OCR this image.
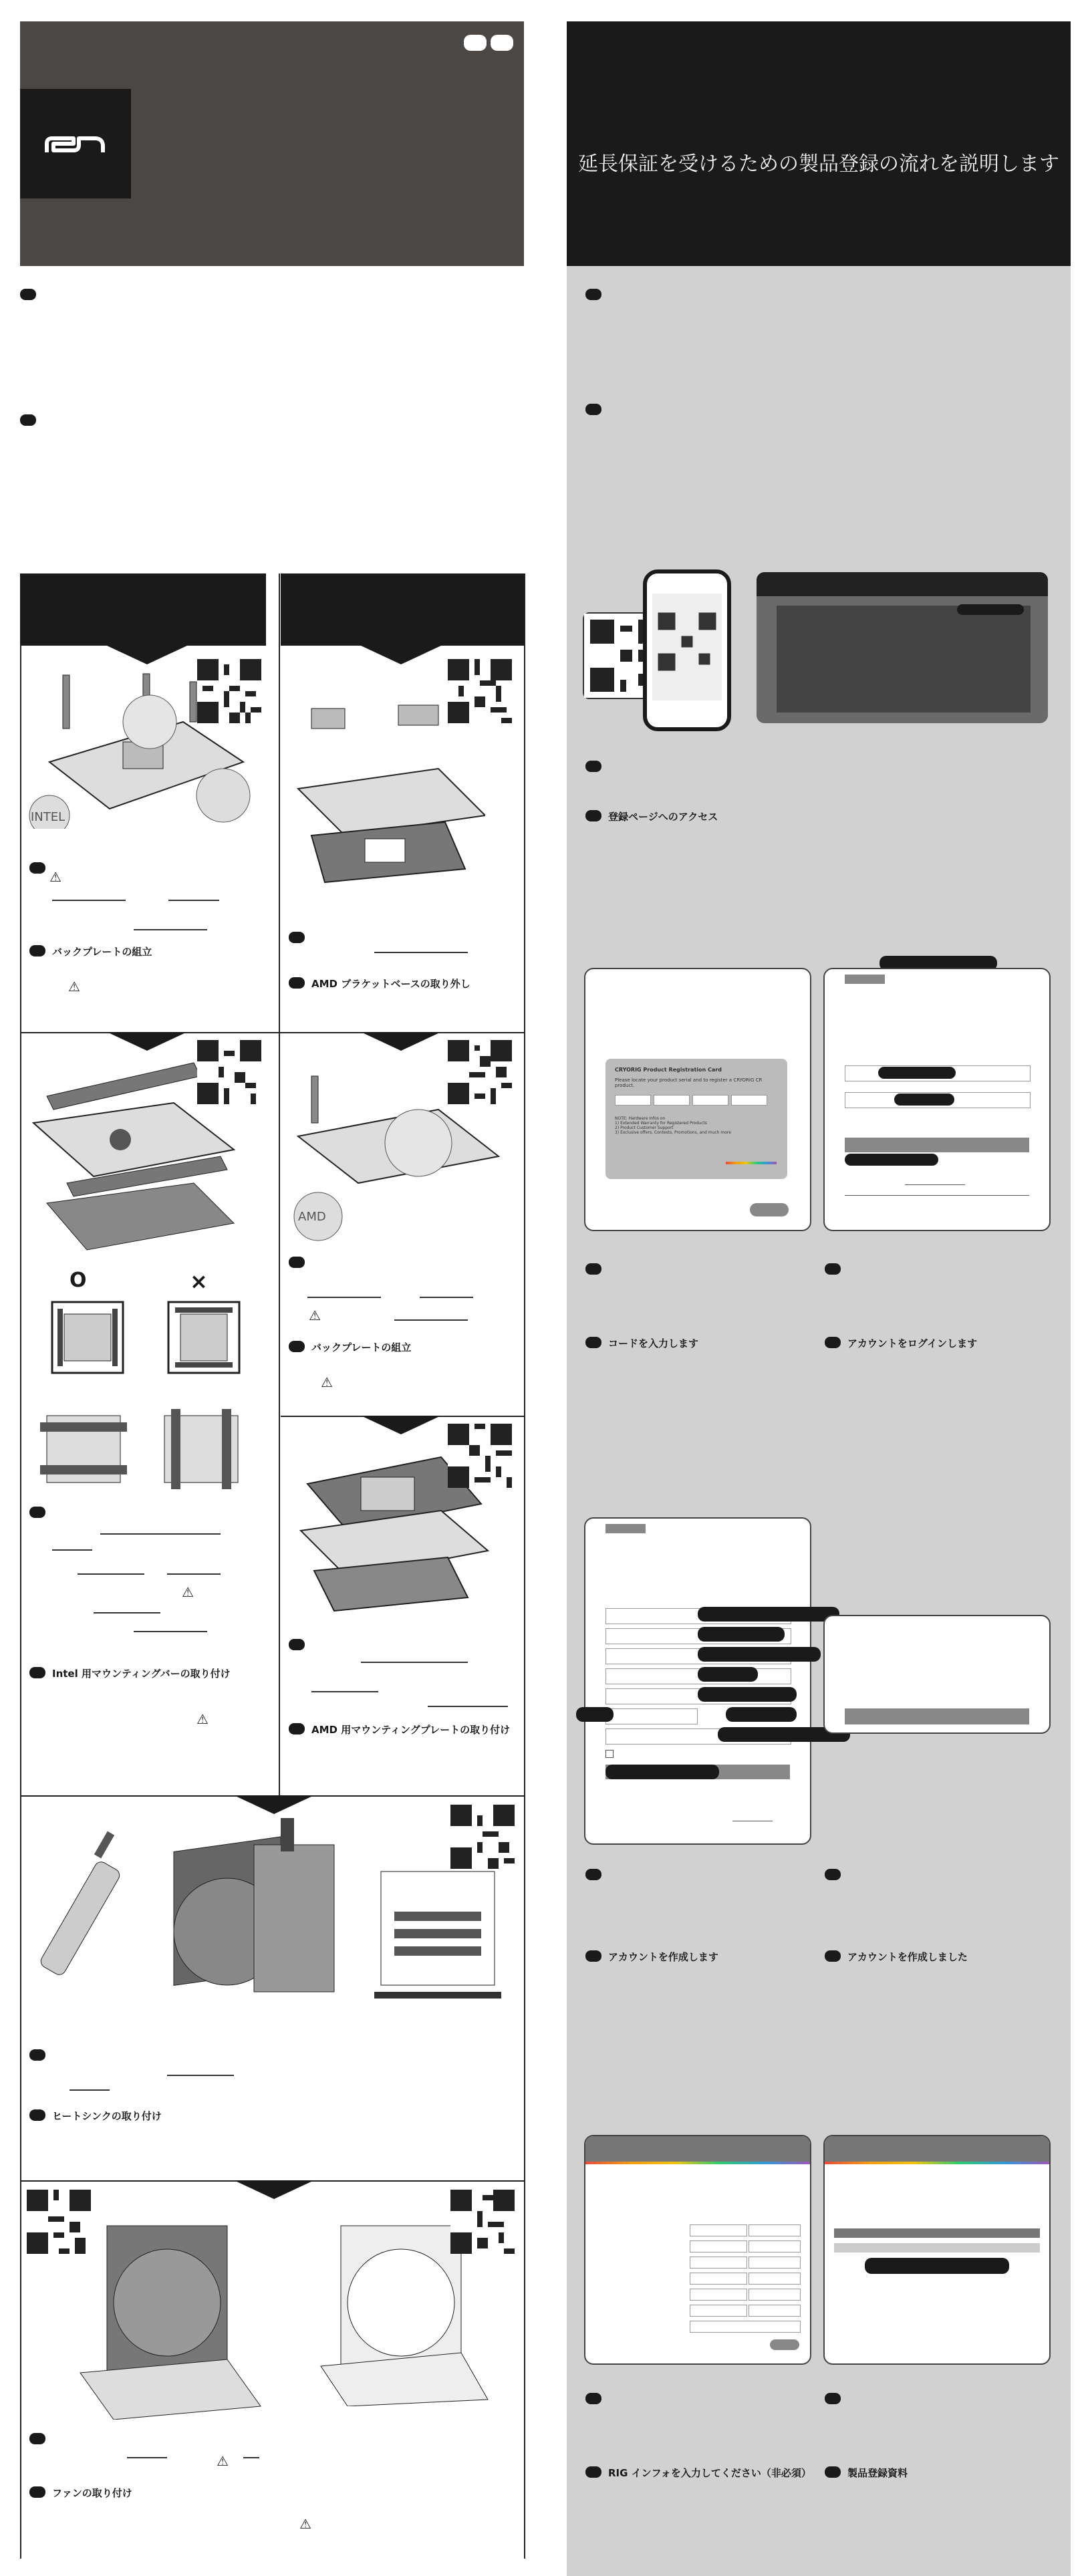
INTEL
⚠
バックプレートの組立
⚠	AMD ブラケットベースの取り外し
O	×
⚠
Intel 用マウンティングバーの取り付け
⚠
AMD
⚠
バックプレートの組立
⚠
AMD 用マウンティングプレートの取り付け
ヒートシンクの取り付け
⚠
ファンの取り付け
⚠
延長保証を受けるための製品登録の流れを説明します
登録ページへのアクセス
CRYORIG Product Registration Card
Please locate your product serial and to register a CRYORIG CR product.
NOTE: Hardware Infos on
1) Extended Warranty for Registered Products
2) Product Customer Support
3) Exclusive offers, Contests, Promotions, and much more
コードを入力します	アカウントをログインします
アカウントを作成します	アカウントを作成しました
RIG インフォを入力してください（非必須）	製品登録資料
